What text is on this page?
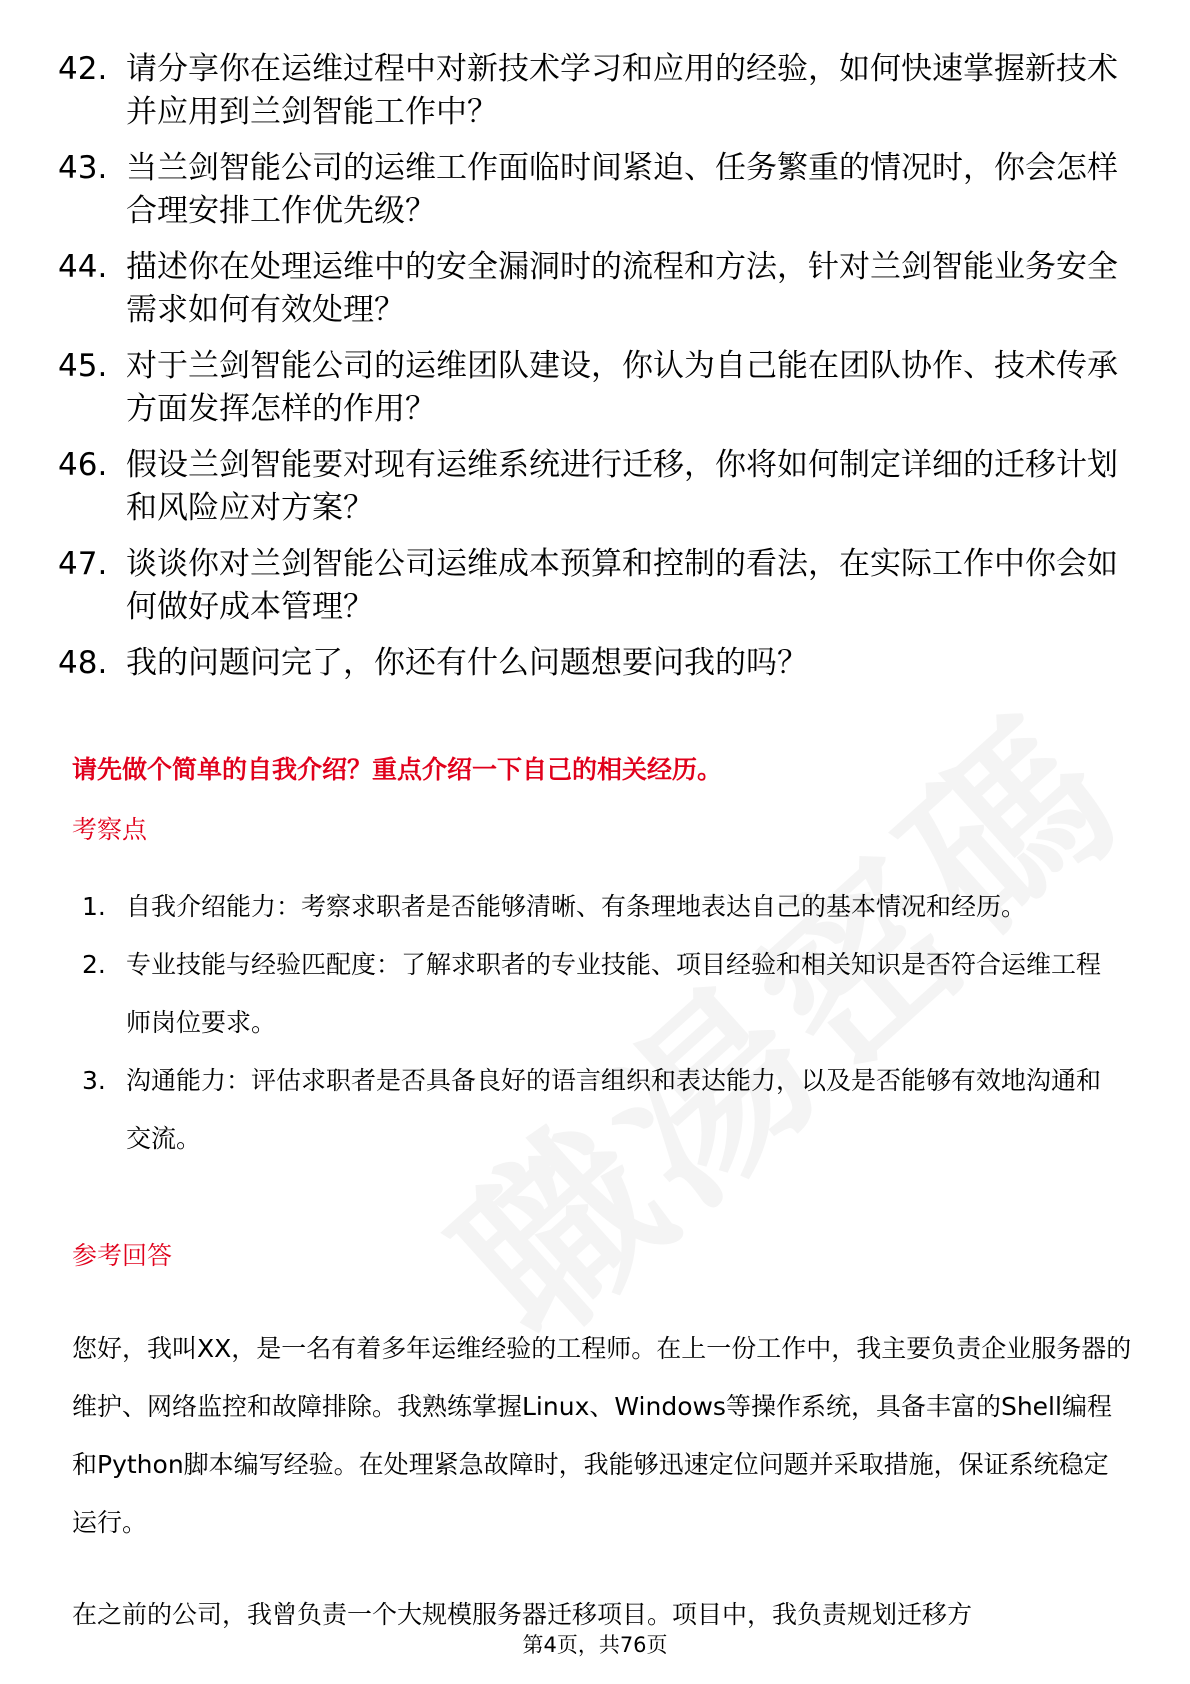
42. 请分享你在运维过程中对新技术学习和应用的经验，如何快速掌握新技术并应用到兰剑智能工作中？
43. 当兰剑智能公司的运维工作面临时间紧迫、任务繁重的情况时，你会怎样合理安排工作优先级？
44. 描述你在处理运维中的安全漏洞时的流程和方法，针对兰剑智能业务安全需求如何有效处理？
45. 对于兰剑智能公司的运维团队建设，你认为自己能在团队协作、技术传承方面发挥怎样的作用？
46. 假设兰剑智能要对现有运维系统进行迁移，你将如何制定详细的迁移计划和风险应对方案？
47. 谈谈你对兰剑智能公司运维成本预算和控制的看法，在实际工作中你会如何做好成本管理？
48. 我的问题问完了，你还有什么问题想要问我的吗？
请先做个简单的自我介绍？重点介绍一下自己的相关经历。
考察点
1. 自我介绍能力：考察求职者是否能够清晰、有条理地表达自己的基本情况和经历。
2. 专业技能与经验匹配度：了解求职者的专业技能、项目经验和相关知识是否符合运维工程师岗位要求。
3. 沟通能力：评估求职者是否具备良好的语言组织和表达能力，以及是否能够有效地沟通和交流。
参考回答
您好，我叫XX，是一名有着多年运维经验的工程师。在上一份工作中，我主要负责企业服务器的维护、网络监控和故障排除。我熟练掌握Linux、Windows等操作系统，具备丰富的Shell编程和Python脚本编写经验。在处理紧急故障时，我能够迅速定位问题并采取措施，保证系统稳定运行。
在之前的公司，我曾负责一个大规模服务器迁移项目。项目中，我负责规划迁移方
第4页，共76页
